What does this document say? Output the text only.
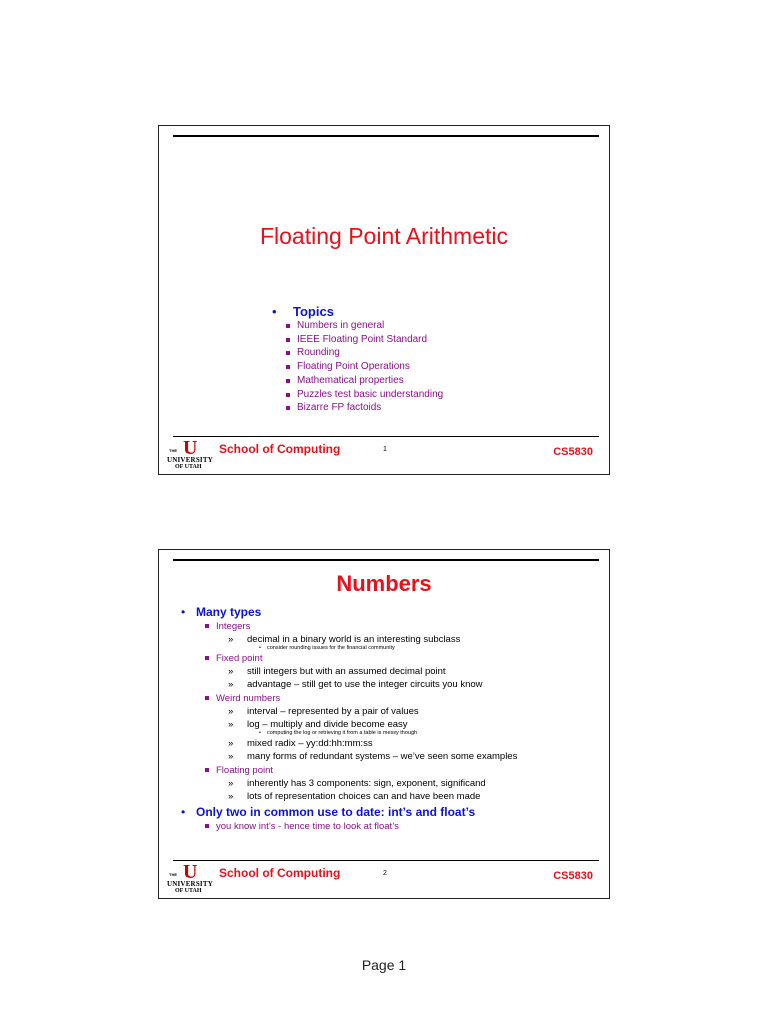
Floating Point Arithmetic
• Topics
Numbers in general
IEEE Floating Point Standard
Rounding
Floating Point Operations
Mathematical properties
Puzzles test basic understanding
Bizarre FP factoids
U
THE
UNIVERSITY
OF UTAH
School of Computing	1	CS5830
Numbers
• Many types
Integers
» decimal in a binary world is an interesting subclass
• consider rounding issues for the financial community
Fixed point
» still integers but with an assumed decimal point
» advantage – still get to use the integer circuits you know
Weird numbers
» interval – represented by a pair of values
» log – multiply and divide become easy
• computing the log or retrieving it from a table is messy though
» mixed radix – yy:dd:hh:mm:ss
» many forms of redundant systems – we’ve seen some examples
Floating point
» inherently has 3 components: sign, exponent, significand
» lots of representation choices can and have been made
• Only two in common use to date: int’s and float’s
you know int’s - hence time to look at float’s
U
THE
UNIVERSITY
OF UTAH
School of Computing	2	CS5830
Page 1
